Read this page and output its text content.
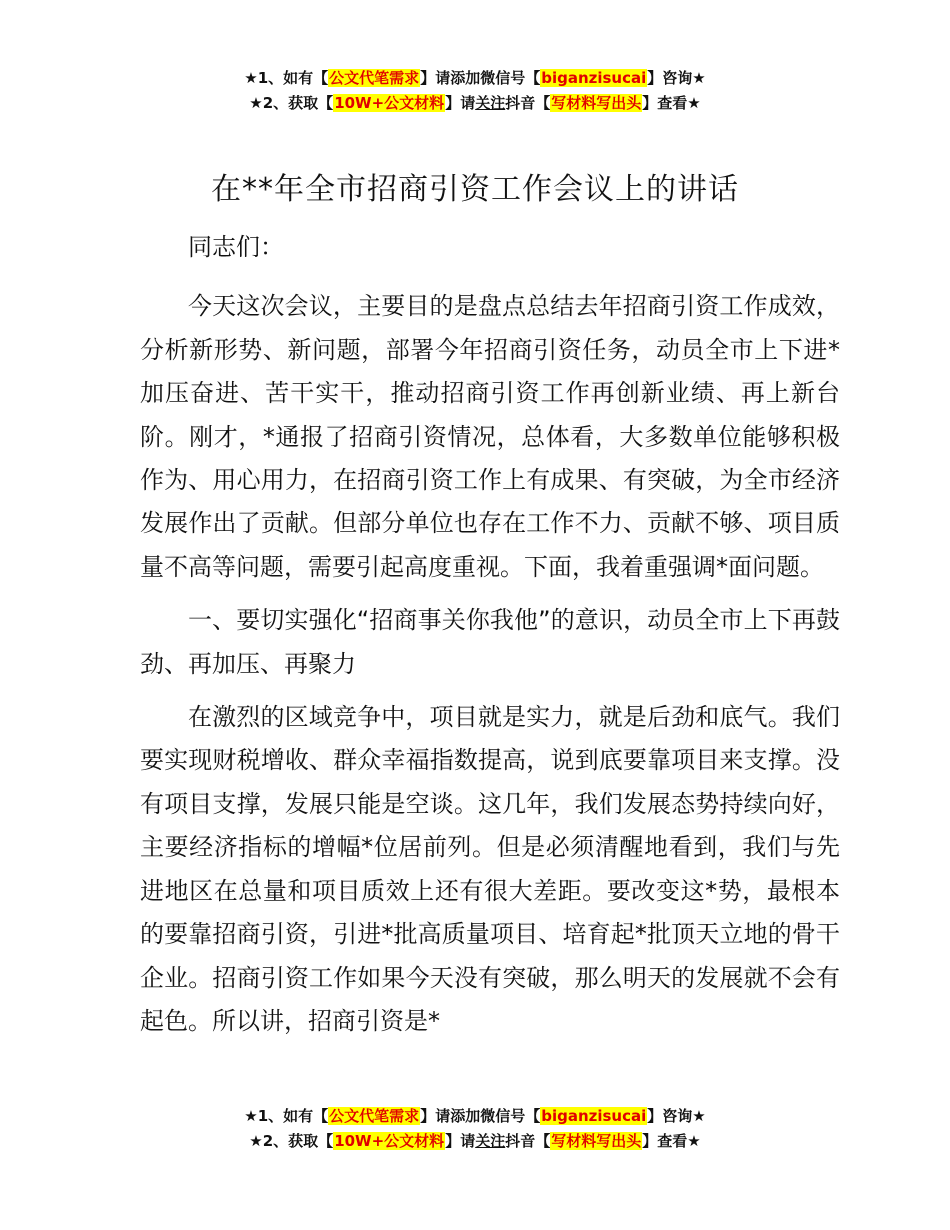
★1、如有【公文代笔需求】请添加微信号【biganzisucai】咨询★
★2、获取【10W+公文材料】请关注抖音【写材料写出头】查看★
在**年全市招商引资工作会议上的讲话

同志们：

今天这次会议，主要目的是盘点总结去年招商引资工作成效，分析新形势、新问题，部署今年招商引资任务，动员全市上下进*加压奋进、苦干实干，推动招商引资工作再创新业绩、再上新台阶。刚才，*通报了招商引资情况，总体看，大多数单位能够积极作为、用心用力，在招商引资工作上有成果、有突破，为全市经济发展作出了贡献。但部分单位也存在工作不力、贡献不够、项目质量不高等问题，需要引起高度重视。下面，我着重强调*面问题。

一、要切实强化“招商事关你我他”的意识，动员全市上下再鼓劲、再加压、再聚力

在激烈的区域竞争中，项目就是实力，就是后劲和底气。我们要实现财税增收、群众幸福指数提高，说到底要靠项目来支撑。没有项目支撑，发展只能是空谈。这几年，我们发展态势持续向好，主要经济指标的增幅*位居前列。但是必须清醒地看到，我们与先进地区在总量和项目质效上还有很大差距。要改变这*势，最根本的要靠招商引资，引进*批高质量项目、培育起*批顶天立地的骨干企业。招商引资工作如果今天没有突破，那么明天的发展就不会有起色。所以讲，招商引资是*

★1、如有【公文代笔需求】请添加微信号【biganzisucai】咨询★
★2、获取【10W+公文材料】请关注抖音【写材料写出头】查看★
